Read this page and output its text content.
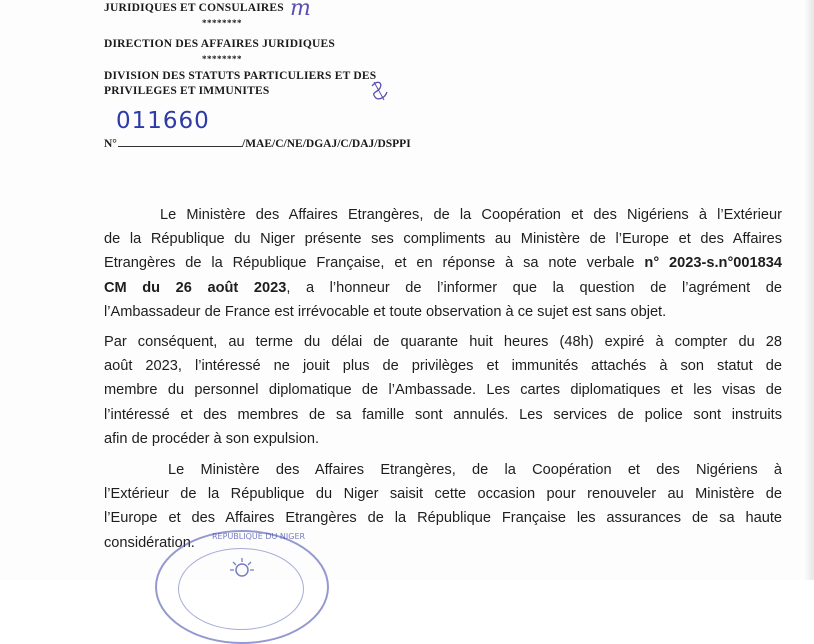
JURIDIQUES ET CONSULAIRES m
********
DIRECTION DES AFFAIRES JURIDIQUES
********
DIVISION DES STATUTS PARTICULIERS ET DES
PRIVILEGES ET IMMUNITES
011660
N°	/MAE/C/NE/DGAJ/C/DAJ/DSPPI
Le Ministère des Affaires Etrangères, de la Coopération et des Nigériens à l’Extérieur
de la République du Niger présente ses compliments au Ministère de l’Europe et des Affaires
Etrangères de la République Française, et en réponse à sa note verbale n° 2023-s.n°001834
CM du 26 août 2023, a l’honneur de l’informer que la question de l’agrément de
l’Ambassadeur de France est irrévocable et toute observation à ce sujet est sans objet.
Par conséquent, au terme du délai de quarante huit heures (48h) expiré à compter du 28
août 2023, l’intéressé ne jouit plus de privilèges et immunités attachés à son statut de
membre du personnel diplomatique de l’Ambassade. Les cartes diplomatiques et les visas de
l’intéressé et des membres de sa famille sont annulés. Les services de police sont instruits
afin de procéder à son expulsion.
Le Ministère des Affaires Etrangères, de la Coopération et des Nigériens à
l’Extérieur de la République du Niger saisit cette occasion pour renouveler au Ministère de
l’Europe et des Affaires Etrangères de la République Française les assurances de sa haute
considération.	REPUBLIQUE DU NIGER
